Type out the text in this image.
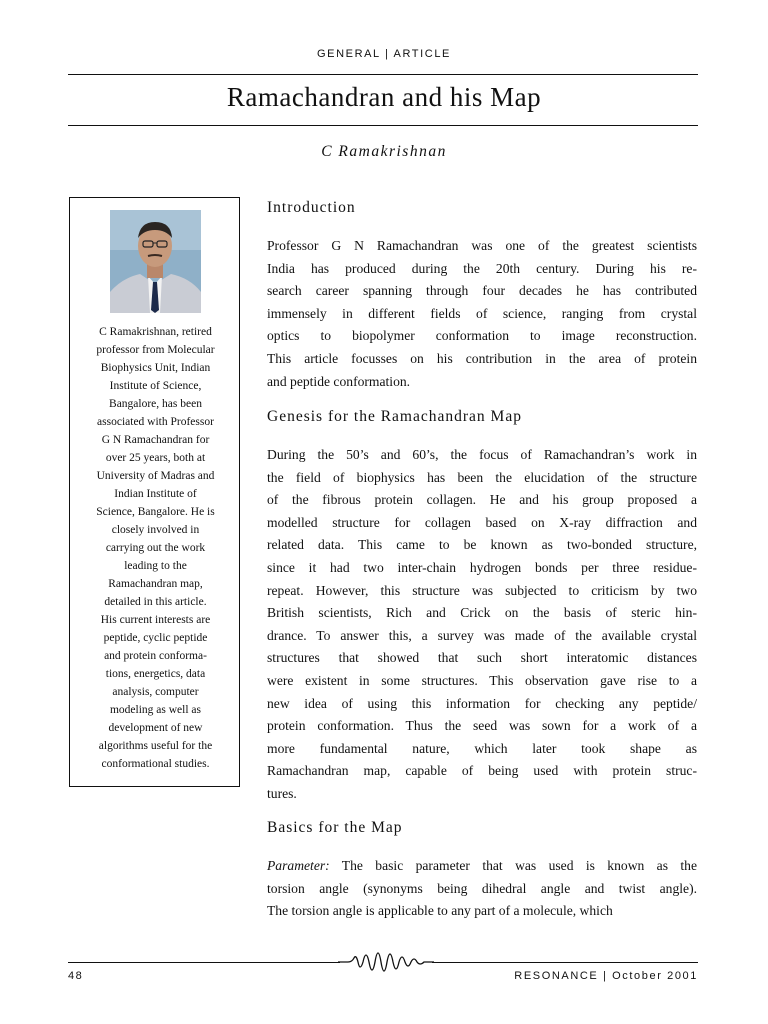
GENERAL | ARTICLE
Ramachandran and his Map
C Ramakrishnan
C Ramakrishnan, retired
professor from Molecular
Biophysics Unit, Indian
Institute of Science,
Bangalore, has been
associated with Professor
G N Ramachandran for
over 25 years, both at
University of Madras and
Indian Institute of
Science, Bangalore. He is
closely involved in
carrying out the work
leading to the
Ramachandran map,
detailed in this article.
His current interests are
peptide, cyclic peptide
and protein conforma-
tions, energetics, data
analysis, computer
modeling as well as
development of new
algorithms useful for the
conformational studies.
Introduction
Professor G N Ramachandran was one of the greatest scientists
India has produced during the 20th century. During his re-
search career spanning through four decades he has contributed
immensely in different fields of science, ranging from crystal
optics to biopolymer conformation to image reconstruction.
This article focusses on his contribution in the area of protein
and peptide conformation.
Genesis for the Ramachandran Map
During the 50’s and 60’s, the focus of Ramachandran’s work in
the field of biophysics has been the elucidation of the structure
of the fibrous protein collagen. He and his group proposed a
modelled structure for collagen based on X-ray diffraction and
related data. This came to be known as two-bonded structure,
since it had two inter-chain hydrogen bonds per three residue-
repeat. However, this structure was subjected to criticism by two
British scientists, Rich and Crick on the basis of steric hin-
drance. To answer this, a survey was made of the available crystal
structures that showed that such short interatomic distances
were existent in some structures. This observation gave rise to a
new idea of using this information for checking any peptide/
protein conformation. Thus the seed was sown for a work of a
more fundamental nature, which later took shape as
Ramachandran map, capable of being used with protein struc-
tures.
Basics for the Map
Parameter: The basic parameter that was used is known as the
torsion angle (synonyms being dihedral angle and twist angle).
The torsion angle is applicable to any part of a molecule, which
48	RESONANCE | October 2001
